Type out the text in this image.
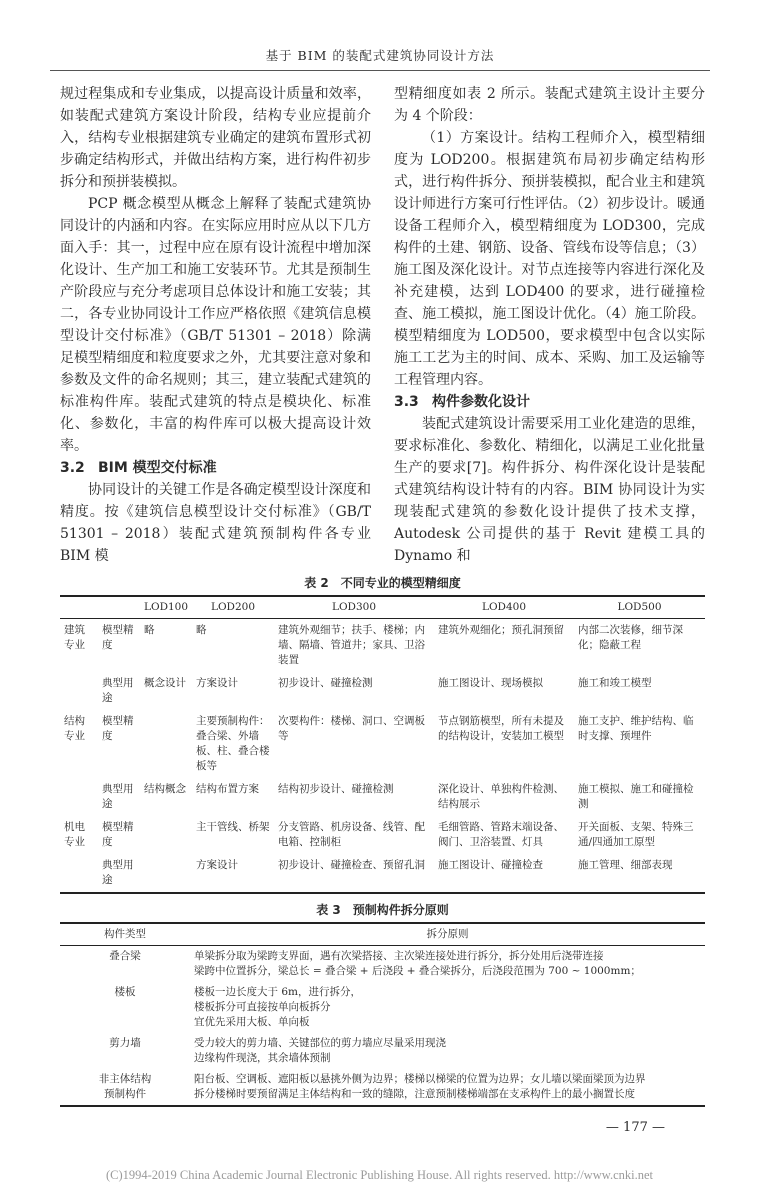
基于 BIM 的装配式建筑协同设计方法

规过程集成和专业集成，以提高设计质量和效率，如装配式建筑方案设计阶段，结构专业应提前介入，结构专业根据建筑专业确定的建筑布置形式初步确定结构形式，并做出结构方案，进行构件初步拆分和预拼装模拟。

PCP 概念模型从概念上解释了装配式建筑协同设计的内涵和内容。在实际应用时应从以下几方面入手：其一，过程中应在原有设计流程中增加深化设计、生产加工和施工安装环节。尤其是预制生产阶段应与充分考虑项目总体设计和施工安装；其二，各专业协同设计工作应严格依照《建筑信息模型设计交付标准》（GB/T 51301 – 2018）除满足模型精细度和粒度要求之外，尤其要注意对象和参数及文件的命名规则；其三，建立装配式建筑的标准构件库。装配式建筑的特点是模块化、标准化、参数化，丰富的构件库可以极大提高设计效率。

3.2 BIM 模型交付标准

协同设计的关键工作是各确定模型设计深度和精度。按《建筑信息模型设计交付标准》（GB/T 51301 – 2018）装配式建筑预制构件各专业 BIM 模

型精细度如表 2 所示。装配式建筑主设计主要分为 4 个阶段：

（1）方案设计。结构工程师介入，模型精细度为 LOD200。根据建筑布局初步确定结构形式，进行构件拆分、预拼装模拟，配合业主和建筑设计师进行方案可行性评估。（2）初步设计。暖通设备工程师介入，模型精细度为 LOD300，完成构件的土建、钢筋、设备、管线布设等信息；（3）施工图及深化设计。对节点连接等内容进行深化及补充建模，达到 LOD400 的要求，进行碰撞检查、施工模拟，施工图设计优化。（4）施工阶段。模型精细度为 LOD500，要求模型中包含以实际施工工艺为主的时间、成本、采购、加工及运输等工程管理内容。

3.3 构件参数化设计

装配式建筑设计需要采用工业化建造的思维，要求标准化、参数化、精细化，以满足工业化批量生产的要求[7]。构件拆分、构件深化设计是装配式建筑结构设计特有的内容。BIM 协同设计为实现装配式建筑的参数化设计提供了技术支撑，Autodesk 公司提供的基于 Revit 建模工具的 Dynamo 和

表 2　不同专业的模型精细度
		LOD100	LOD200	LOD300	LOD400	LOD500
建筑专业	模型精度	略	略	建筑外观细节；扶手、楼梯；内墙、隔墙、管道井；家具、卫浴装置	建筑外观细化；预孔洞预留	内部二次装修，细节深化；隐蔽工程
	典型用途	概念设计	方案设计	初步设计、碰撞检测	施工图设计、现场模拟	施工和竣工模型
结构专业	模型精度		主要预制构件：叠合梁、外墙板、柱、叠合楼板等	次要构件：楼梯、洞口、空调板等	节点钢筋模型，所有未提及的结构设计，安装加工模型	施工支护、维护结构、临时支撑、预埋件
	典型用途	结构概念	结构布置方案	结构初步设计、碰撞检测	深化设计、单独构件检测、结构展示	施工模拟、施工和碰撞检测
机电专业	模型精度		主干管线、桥架	分支管路、机房设备、线管、配电箱、控制柜	毛细管路、管路末端设备、阀门、卫浴装置、灯具	开关面板、支架、特殊三通/四通加工原型
	典型用途		方案设计	初步设计、碰撞检查、预留孔洞	施工图设计、碰撞检查	施工管理、细部表现
表 3　预制构件拆分原则
构件类型	拆分原则
叠合梁	单梁拆分取为梁跨支界面，遇有次梁搭接、主次梁连接处进行拆分，拆分处用后浇带连接
梁跨中位置拆分，梁总长 = 叠合梁 + 后浇段 + 叠合梁拆分，后浇段范围为 700 ~ 1000mm；
楼板	楼板一边长度大于 6m，进行拆分，
楼板拆分可直接按单向板拆分
宜优先采用大板、单向板
剪力墙	受力较大的剪力墙、关键部位的剪力墙应尽量采用现浇
边缘构件现浇，其余墙体预制
非主体结构
预制构件	阳台板、空调板、遮阳板以悬挑外侧为边界；楼梯以梯梁的位置为边界；女儿墙以梁面梁顶为边界
拆分楼梯时要预留满足主体结构和一致的缝隙，注意预制楼梯端部在支承构件上的最小搁置长度
— 177 —
(C)1994-2019 China Academic Journal Electronic Publishing House. All rights reserved. http://www.cnki.net
